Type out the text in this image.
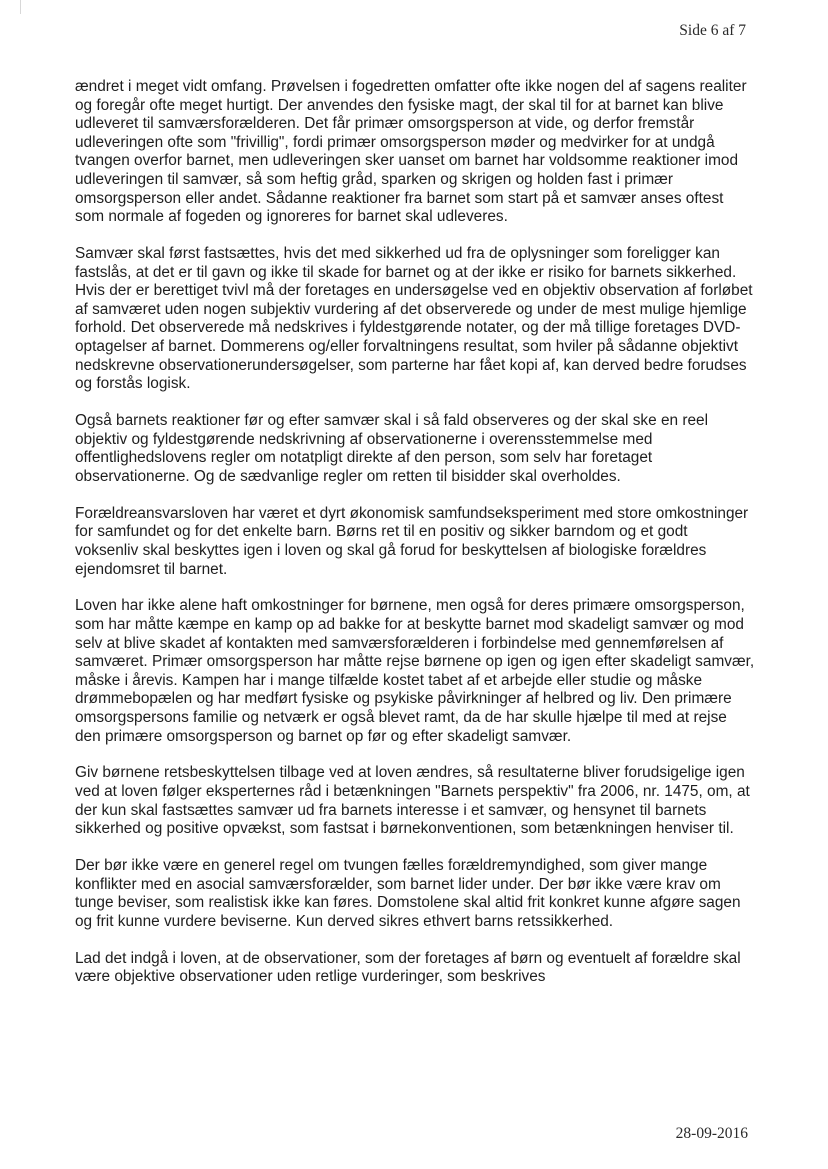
Side 6 af 7

ændret i meget vidt omfang. Prøvelsen i fogedretten omfatter ofte ikke nogen del af sagens realiter og foregår ofte meget hurtigt. Der anvendes den fysiske magt, der skal til for at barnet kan blive udleveret til samværsforælderen. Det får primær omsorgsperson at vide, og derfor fremstår udleveringen ofte som "frivillig", fordi primær omsorgsperson møder og medvirker for at undgå tvangen overfor barnet, men udleveringen sker uanset om barnet har voldsomme reaktioner imod udleveringen til samvær, så som heftig gråd, sparken og skrigen og holden fast i primær omsorgsperson eller andet. Sådanne reaktioner fra barnet som start på et samvær anses oftest som normale af fogeden og ignoreres for barnet skal udleveres.

Samvær skal først fastsættes, hvis det med sikkerhed ud fra de oplysninger som foreligger kan fastslås, at det er til gavn og ikke til skade for barnet og at der ikke er risiko for barnets sikkerhed. Hvis der er berettiget tvivl må der foretages en undersøgelse ved en objektiv observation af forløbet af samværet uden nogen subjektiv vurdering af det observerede og under de mest mulige hjemlige forhold. Det observerede må nedskrives i fyldestgørende notater, og der må tillige foretages DVD-optagelser af barnet. Dommerens og/eller forvaltningens resultat, som hviler på sådanne objektivt nedskrevne observationerundersøgelser, som parterne har fået kopi af, kan derved bedre forudses og forstås logisk.

Også barnets reaktioner før og efter samvær skal i så fald observeres og der skal ske en reel objektiv og fyldestgørende nedskrivning af observationerne i overensstemmelse med offentlighedslovens regler om notatpligt direkte af den person, som selv har foretaget observationerne. Og de sædvanlige regler om retten til bisidder skal overholdes.

Forældreansvarsloven har været et dyrt økonomisk samfundseksperiment med store omkostninger for samfundet og for det enkelte barn. Børns ret til en positiv og sikker barndom og et godt voksenliv skal beskyttes igen i loven og skal gå forud for beskyttelsen af biologiske forældres ejendomsret til barnet.

Loven har ikke alene haft omkostninger for børnene, men også for deres primære omsorgsperson, som har måtte kæmpe en kamp op ad bakke for at beskytte barnet mod skadeligt samvær og mod selv at blive skadet af kontakten med samværsforælderen i forbindelse med gennemførelsen af samværet. Primær omsorgsperson har måtte rejse børnene op igen og igen efter skadeligt samvær, måske i årevis. Kampen har i mange tilfælde kostet tabet af et arbejde eller studie og måske drømmebopælen og har medført fysiske og psykiske påvirkninger af helbred og liv. Den primære omsorgspersons familie og netværk er også blevet ramt, da de har skulle hjælpe til med at rejse den primære omsorgsperson og barnet op før og efter skadeligt samvær.

Giv børnene retsbeskyttelsen tilbage ved at loven ændres, så resultaterne bliver forudsigelige igen ved at loven følger eksperternes råd i betænkningen "Barnets perspektiv" fra 2006, nr. 1475, om, at der kun skal fastsættes samvær ud fra barnets interesse i et samvær, og hensynet til barnets sikkerhed og positive opvækst, som fastsat i børnekonventionen, som betænkningen henviser til.

Der bør ikke være en generel regel om tvungen fælles forældremyndighed, som giver mange konflikter med en asocial samværsforælder, som barnet lider under. Der bør ikke være krav om tunge beviser, som realistisk ikke kan føres. Domstolene skal altid frit konkret kunne afgøre sagen og frit kunne vurdere beviserne. Kun derved sikres ethvert barns retssikkerhed.

Lad det indgå i loven, at de observationer, som der foretages af børn og eventuelt af forældre skal være objektive observationer uden retlige vurderinger, som beskrives

28-09-2016
